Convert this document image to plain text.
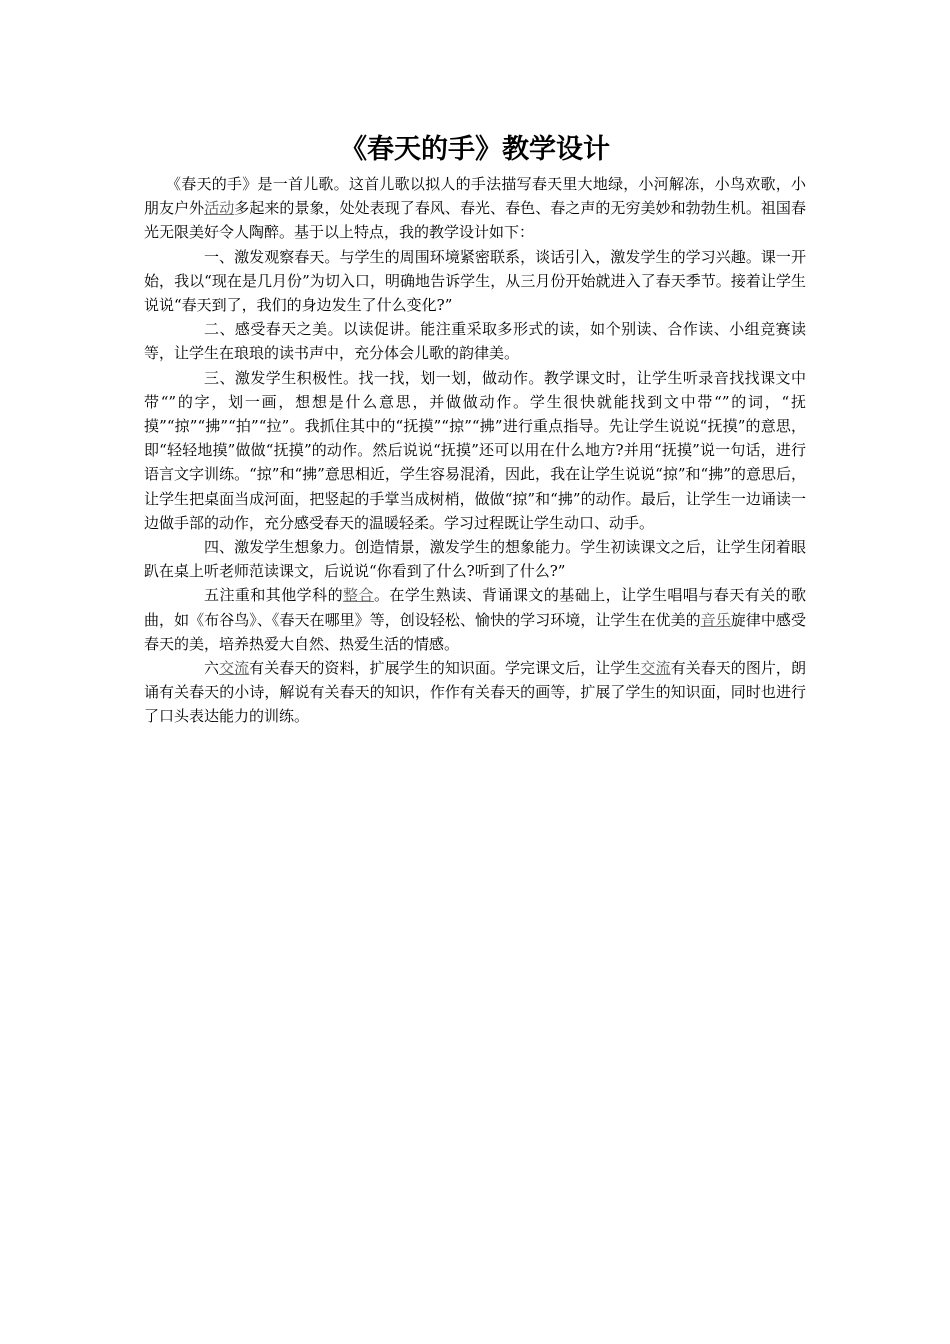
《春天的手》教学设计

《春天的手》是一首儿歌。这首儿歌以拟人的手法描写春天里大地绿，小河解冻，小鸟欢歌，小朋友户外活动多起来的景象，处处表现了春风、春光、春色、春之声的无穷美妙和勃勃生机。祖国春光无限美好令人陶醉。基于以上特点，我的教学设计如下：

一、激发观察春天。与学生的周围环境紧密联系，谈话引入，激发学生的学习兴趣。课一开始，我以“现在是几月份”为切入口，明确地告诉学生，从三月份开始就进入了春天季节。接着让学生说说“春天到了，我们的身边发生了什么变化?”

二、感受春天之美。以读促讲。能注重采取多形式的读，如个别读、合作读、小组竞赛读等，让学生在琅琅的读书声中，充分体会儿歌的韵律美。

三、激发学生积极性。找一找，划一划，做动作。教学课文时，让学生听录音找找课文中带“”的字，划一画，想想是什么意思，并做做动作。学生很快就能找到文中带“”的词，“抚摸”“掠”“拂”“拍”“拉”。我抓住其中的“抚摸”“掠”“拂”进行重点指导。先让学生说说“抚摸”的意思，即“轻轻地摸”做做“抚摸”的动作。然后说说“抚摸”还可以用在什么地方?并用“抚摸”说一句话，进行语言文字训练。“掠”和“拂”意思相近，学生容易混淆，因此，我在让学生说说“掠”和“拂”的意思后，让学生把桌面当成河面，把竖起的手掌当成树梢，做做“掠”和“拂”的动作。最后，让学生一边诵读一边做手部的动作，充分感受春天的温暖轻柔。学习过程既让学生动口、动手。

四、激发学生想象力。创造情景，激发学生的想象能力。学生初读课文之后，让学生闭着眼趴在桌上听老师范读课文，后说说“你看到了什么?听到了什么?”

五注重和其他学科的整合。在学生熟读、背诵课文的基础上，让学生唱唱与春天有关的歌曲，如《布谷鸟》、《春天在哪里》等，创设轻松、愉快的学习环境，让学生在优美的音乐旋律中感受春天的美，培养热爱大自然、热爱生活的情感。

六交流有关春天的资料，扩展学生的知识面。学完课文后，让学生交流有关春天的图片，朗诵有关春天的小诗，解说有关春天的知识，作作有关春天的画等，扩展了学生的知识面，同时也进行了口头表达能力的训练。
